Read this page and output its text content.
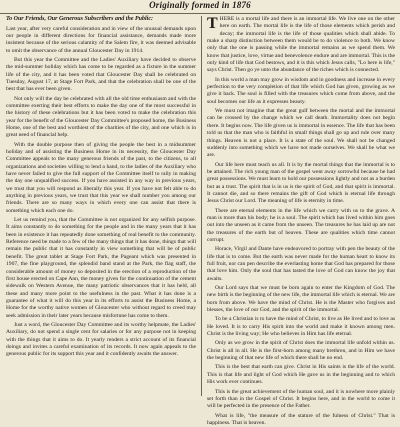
Originally formed in 1876
To Our Friends, Our Generous Subscribers and the Public:

Last year, after very careful consideration and in view of the unusual demands upon our people in different directions for financial assistance, demands made more insistent because of the serious calamity of the Salem fire, it was deemed advisable to omit the observance of the annual Gloucester Day in 1914.

But this year the Committee and the Ladies' Auxiliary have decided to observe the mid-summer holiday which has come to be regarded as a fixture in the summer life of the city, and it has been voted that Gloucester Day shall be celebrated on Tuesday, August 17, at Stage Fort Park, and that the celebration shall be one of the best that has ever been given.

Not only will the day be celebrated with all the old time enthusiasm and with the committee exerting their best efforts to make the day one of the most successful in the history of these celebrations but it has been voted to make the celebration this year for the benefit of the Gloucester Day Committee's proposed home, the Business Home, one of the best and worthiest of the charities of the city, and one which is in great need of financial help.

With the double purpose then of giving the people the best in a midsummer holiday and of assisting the Business Home in its necessity, the Gloucester Day Committee appeals to the many generous friends of the past, to the citizens, to all organizations and societies willing to lend a hand, to the ladies of the Auxiliary who have never failed to give the full support of the Committee itself to rally in making the day one unqualified success. If you have assisted in any way in previous years, we trust that you will respond as liberally this year. If you have not felt able to do anything in previous years, we trust that this year we shall number you among our friends. There are so many ways in which every one can assist that there is something which each one do.

Let us remind you, that the Committee is not organized for any selfish purpose. It aims constantly to do something for the people and in the many years that it has been in existence it has repeatedly done something of real benefit to the community. Reference need be made to a few of the many things that it has done, things that will remain the public that it has constantly in view something that will be of public benefit. The great tablet at Stage Fort Park, the Pageant which was presented in 1907, the fine playground, the splendid band stand at the Park, the flag staff, the considerable amount of money so deposited in the erection of a reproduction of the first house erected on Cape Ann, the money given for the continuation of the cement sidewalk on Western Avenue, the many patriotic observances that it has held, all these and many more point to the usefulness in the past. What it has done is a guarantee of what it will do this year in its efforts to assist the Business Home, a Home for the worthy native women of Gloucester who without regard to creed may seek admission in their later years because misfortune has come to them.

Just a word, the Gloucester Day Committee and its worthy helpmate, the Ladies' Auxiliary, do not spend a single cent for salaries or for any purpose not in keeping with the things that it aims to do. It yearly renders a strict account of its financial doings and invites a careful examination of its records. It now again appeals to the generous public for its support this year and it confidently awaits the answer.

THERE is a mortal life and there is an immortal life. We live one on the other here on earth. The mortal life is the life of those elements which perish and decay; the immortal life is the life of those qualities which shall abide. To make a sharp distinction between them would be to do violence to both. We know only that the one is passing while the immortal remains as we spend them. We know that justice, love, virtue and benevolence endure and are immortal. This is the only kind of life that God bestows, and it is this which Jesus calls, "Lo here is life," says Christ. Then go ye unto the abundance of the riches which is connected.

In this world a man may grow in wisdom and in goodness and increase in every perfection to the very completion of that life which God has given, growing as we give it back. The soul is filled with the treasures which come from above, and the soul becomes our life as it expresses beauty.

We must not imagine that the great gulf between the mortal and the immortal can be crossed by the change which we call death. Immortality does not begin there. It begins now. The life given us is immortal in essence. The life that has been told us that the man who is faithful in small things shall go up and rule over many things. Heaven is not a place. It is a state of the soul. We shall not be changed suddenly into something which we have not made ourselves. We shall be what we are.

Our life here must teach us all. It is by the mortal things that the immortal is to be attained. The rich young man of the gospel went away sorrowful because he had great possessions. We must learn to hold our possessions lightly and not as a burden but as a trust. The spirit that is in us is the spirit of God, and that spirit is immortal. It cannot die, and so there remains the gift of God which is eternal life through Jesus Christ our Lord. The meaning of life is eternity in time.

There are eternal elements in the life which we carry with us to the grave. A man is more than his body; he is a soul. The spirit which has lived within him goes out into the unseen as it came from the unseen. The treasures he has laid up are not the treasures of the earth but of heaven. These are qualities which time cannot corrupt.

Horace, Virgil and Dante have endeavored to portray with pen the beauty of the life that is to come. But the earth was never made for the human heart to know its full fruit, nor can pen describe the everlasting home that God has prepared for those that love him. Only the soul that has tasted the love of God can know the joy that awaits.

Our Lord says that we must be born again to enter the Kingdom of God. The new birth is the beginning of the new life, the immortal life which is eternal. We are born from above. We have the mind of Christ. He is the Master who forgives and blesses, the love of our God, and the spirit of the immortal.

To be a Christian is to have the mind of Christ, to live as He lived and to love as He loved. It is to carry His spirit into the world and make it known among men. Christ is the living way; He who believes in Him has life eternal.

Only as we grow in the spirit of Christ does the immortal life unfold within us. Christ is all in all. He is the first-born among many brethren, and in Him we have the beginning of that new life of which there shall be no end.

This is the best that earth can give. Christ in His saints is the life of the world. This is that life and light of God which He gave us in the beginning and to which His work ever continues.

This is the great achievement of the human soul, and it is nowhere more plainly set forth than in the Gospel of Christ. It begins here, and in the world to come it will be perfected in the presence of the Father.

What is life, "the measure of the stature of the fulness of Christ." That is happiness. That is heaven.
